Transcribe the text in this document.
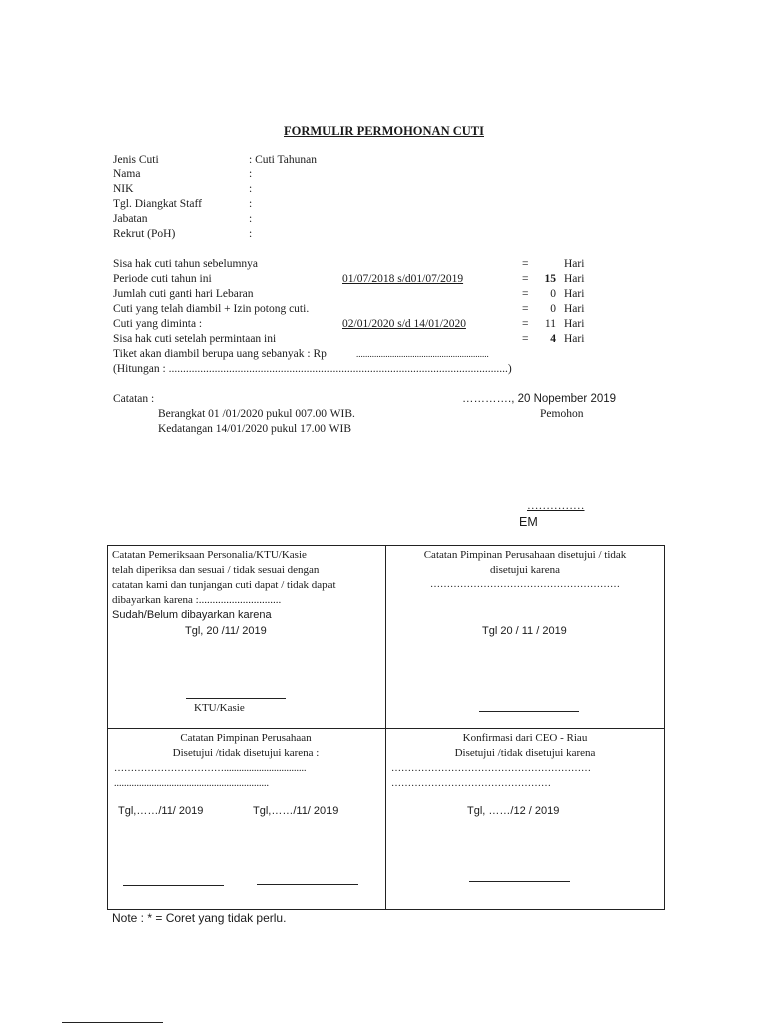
FORMULIR PERMOHONAN CUTI
Jenis Cuti	: Cuti Tahunan
Nama	:
NIK	:
Tgl. Diangkat Staff	:
Jabatan	:
Rekrut (PoH)	:
Sisa hak cuti tahun sebelumnya	=	Hari
Periode cuti tahun ini	01/07/2018 s/d01/07/2019	=	15 Hari
Jumlah cuti ganti hari Lebaran	=	0 Hari
Cuti yang telah diambil + Izin potong cuti.	=	0 Hari
Cuti yang diminta :	02/01/2020 s/d 14/01/2020	=	11 Hari
Sisa hak cuti setelah permintaan ini	=	4 Hari
Tiket akan diambil berupa uang sebanyak : Rp	...........................................................
(Hitungan : ......................................................................................................................)
Catatan :	…………., 20 Nopember 2019
Berangkat 01 /01/2020 pukul 007.00 WIB.	Pemohon
Kedatangan 14/01/2020 pukul 17.00 WIB
……………
EM
Catatan Pemeriksaan Personalia/KTU/Kasie
telah diperiksa dan sesuai / tidak sesuai dengan
catatan kami dan tunjangan cuti dapat / tidak dapat
dibayarkan karena :..............................
Sudah/Belum dibayarkan karena
Tgl, 20 /11/ 2019
KTU/Kasie
Catatan Pimpinan Perusahaan disetujui / tidak
disetujui karena
…………………………………………………
Tgl 20 / 11 / 2019
Catatan Pimpinan Perusahaan
Disetujui /tidak disetujui karena :
…………………………….................................
..............................................................
Tgl,……/11/ 2019	Tgl,……/11/ 2019
Konfirmasi dari CEO - Riau
Disetujui /tidak disetujui karena
……………………………………………………
…………………………………………
Tgl, ……/12 / 2019
Note : * = Coret yang tidak perlu.
